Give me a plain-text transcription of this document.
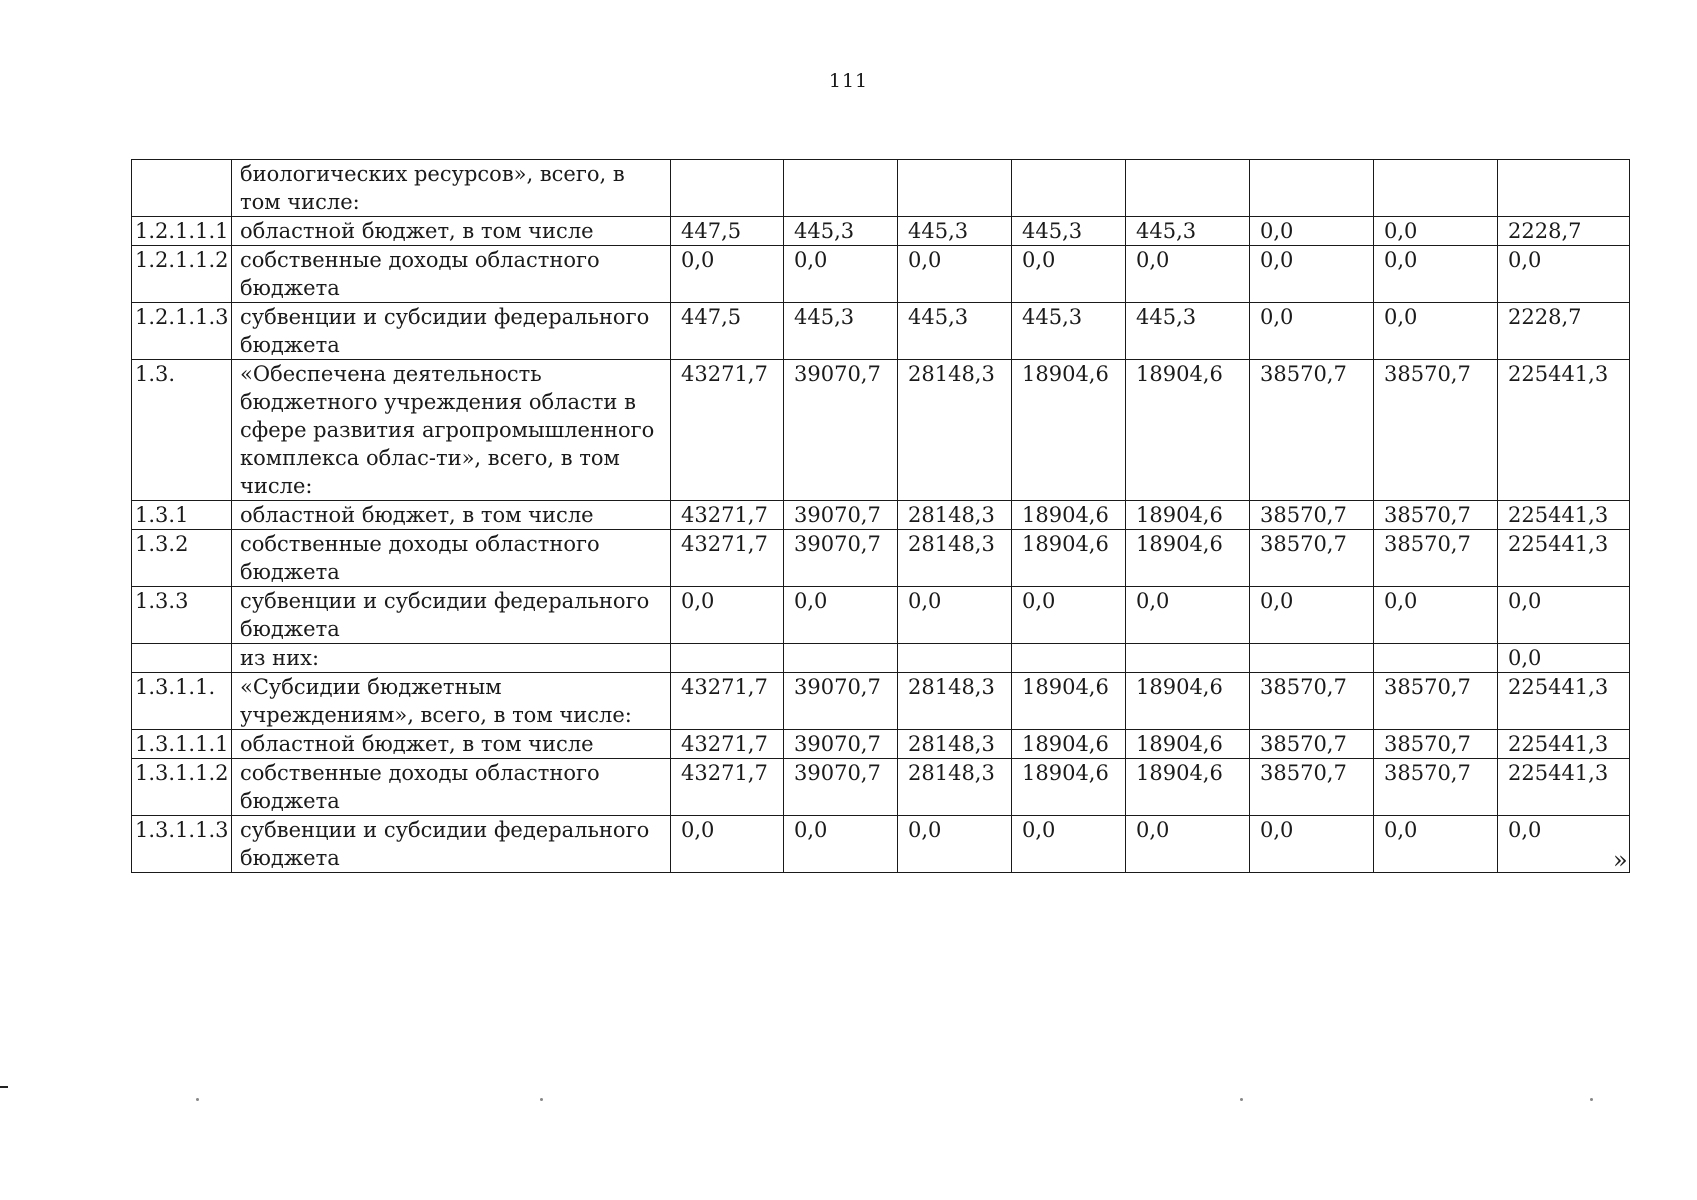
111
	биологических ресурсов», всего, в том числе:								
1.2.1.1.1	областной бюджет, в том числе	447,5	445,3	445,3	445,3	445,3	0,0	0,0	2228,7
1.2.1.1.2	собственные доходы областного бюджета	0,0	0,0	0,0	0,0	0,0	0,0	0,0	0,0
1.2.1.1.3	субвенции и субсидии федерального бюджета	447,5	445,3	445,3	445,3	445,3	0,0	0,0	2228,7
1.3.	«Обеспечена деятельность бюджетного учреждения области в сфере развития агропромышленного комплекса облас-ти», всего, в том числе:	43271,7	39070,7	28148,3	18904,6	18904,6	38570,7	38570,7	225441,3
1.3.1	областной бюджет, в том числе	43271,7	39070,7	28148,3	18904,6	18904,6	38570,7	38570,7	225441,3
1.3.2	собственные доходы областного бюджета	43271,7	39070,7	28148,3	18904,6	18904,6	38570,7	38570,7	225441,3
1.3.3	субвенции и субсидии федерального бюджета	0,0	0,0	0,0	0,0	0,0	0,0	0,0	0,0
	из них:								0,0
1.3.1.1.	«Субсидии бюджетным учреждениям», всего, в том числе:	43271,7	39070,7	28148,3	18904,6	18904,6	38570,7	38570,7	225441,3
1.3.1.1.1	областной бюджет, в том числе	43271,7	39070,7	28148,3	18904,6	18904,6	38570,7	38570,7	225441,3
1.3.1.1.2	собственные доходы областного бюджета	43271,7	39070,7	28148,3	18904,6	18904,6	38570,7	38570,7	225441,3
1.3.1.1.3	субвенции и субсидии федерального бюджета	0,0	0,0	0,0	0,0	0,0	0,0	0,0	0,0
»
